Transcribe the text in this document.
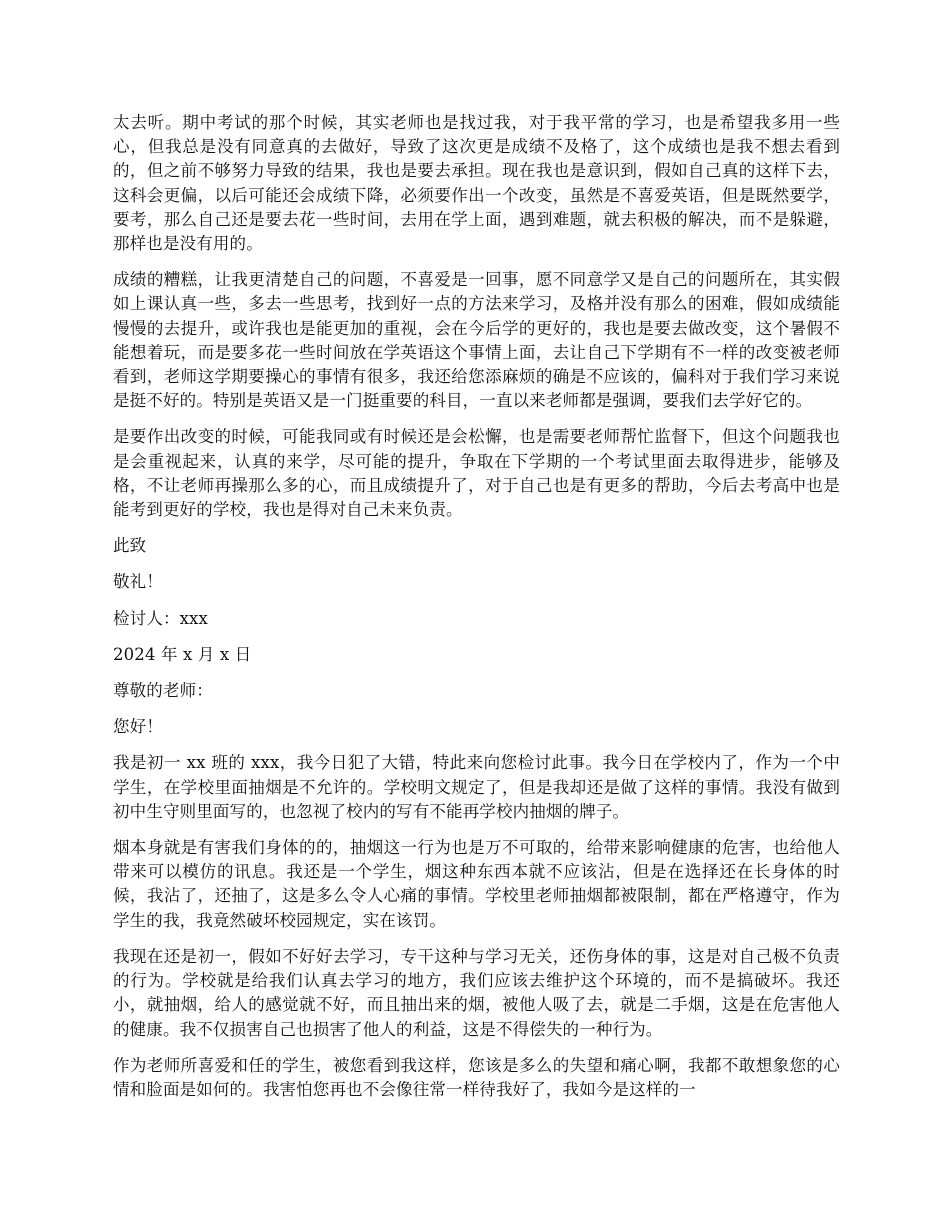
太去听。期中考试的那个时候，其实老师也是找过我，对于我平常的学习，也是希望我多用一些心，但我总是没有同意真的去做好，导致了这次更是成绩不及格了，这个成绩也是我不想去看到的，但之前不够努力导致的结果，我也是要去承担。现在我也是意识到，假如自己真的这样下去，这科会更偏，以后可能还会成绩下降，必须要作出一个改变，虽然是不喜爱英语，但是既然要学，要考，那么自己还是要去花一些时间，去用在学上面，遇到难题，就去积极的解决，而不是躲避，那样也是没有用的。

成绩的糟糕，让我更清楚自己的问题，不喜爱是一回事，愿不同意学又是自己的问题所在，其实假如上课认真一些，多去一些思考，找到好一点的方法来学习，及格并没有那么的困难，假如成绩能慢慢的去提升，或许我也是能更加的重视，会在今后学的更好的，我也是要去做改变，这个暑假不能想着玩，而是要多花一些时间放在学英语这个事情上面，去让自己下学期有不一样的改变被老师看到，老师这学期要操心的事情有很多，我还给您添麻烦的确是不应该的，偏科对于我们学习来说是挺不好的。特别是英语又是一门挺重要的科目，一直以来老师都是强调，要我们去学好它的。

是要作出改变的时候，可能我同或有时候还是会松懈，也是需要老师帮忙监督下，但这个问题我也是会重视起来，认真的来学，尽可能的提升，争取在下学期的一个考试里面去取得进步，能够及格，不让老师再操那么多的心，而且成绩提升了，对于自己也是有更多的帮助，今后去考高中也是能考到更好的学校，我也是得对自己未来负责。

此致

敬礼！

检讨人：xxx

2024 年 x 月 x 日

尊敬的老师：

您好！

我是初一 xx 班的 xxx，我今日犯了大错，特此来向您检讨此事。我今日在学校内了，作为一个中学生，在学校里面抽烟是不允许的。学校明文规定了，但是我却还是做了这样的事情。我没有做到初中生守则里面写的，也忽视了校内的写有不能再学校内抽烟的牌子。

烟本身就是有害我们身体的的，抽烟这一行为也是万不可取的，给带来影响健康的危害，也给他人带来可以模仿的讯息。我还是一个学生，烟这种东西本就不应该沾，但是在选择还在长身体的时候，我沾了，还抽了，这是多么令人心痛的事情。学校里老师抽烟都被限制，都在严格遵守，作为学生的我，我竟然破坏校园规定，实在该罚。

我现在还是初一，假如不好好去学习，专干这种与学习无关，还伤身体的事，这是对自己极不负责的行为。学校就是给我们认真去学习的地方，我们应该去维护这个环境的，而不是搞破坏。我还小，就抽烟，给人的感觉就不好，而且抽出来的烟，被他人吸了去，就是二手烟，这是在危害他人的健康。我不仅损害自己也损害了他人的利益，这是不得偿失的一种行为。

作为老师所喜爱和任的学生，被您看到我这样，您该是多么的失望和痛心啊，我都不敢想象您的心情和脸面是如何的。我害怕您再也不会像往常一样待我好了，我如今是这样的一
